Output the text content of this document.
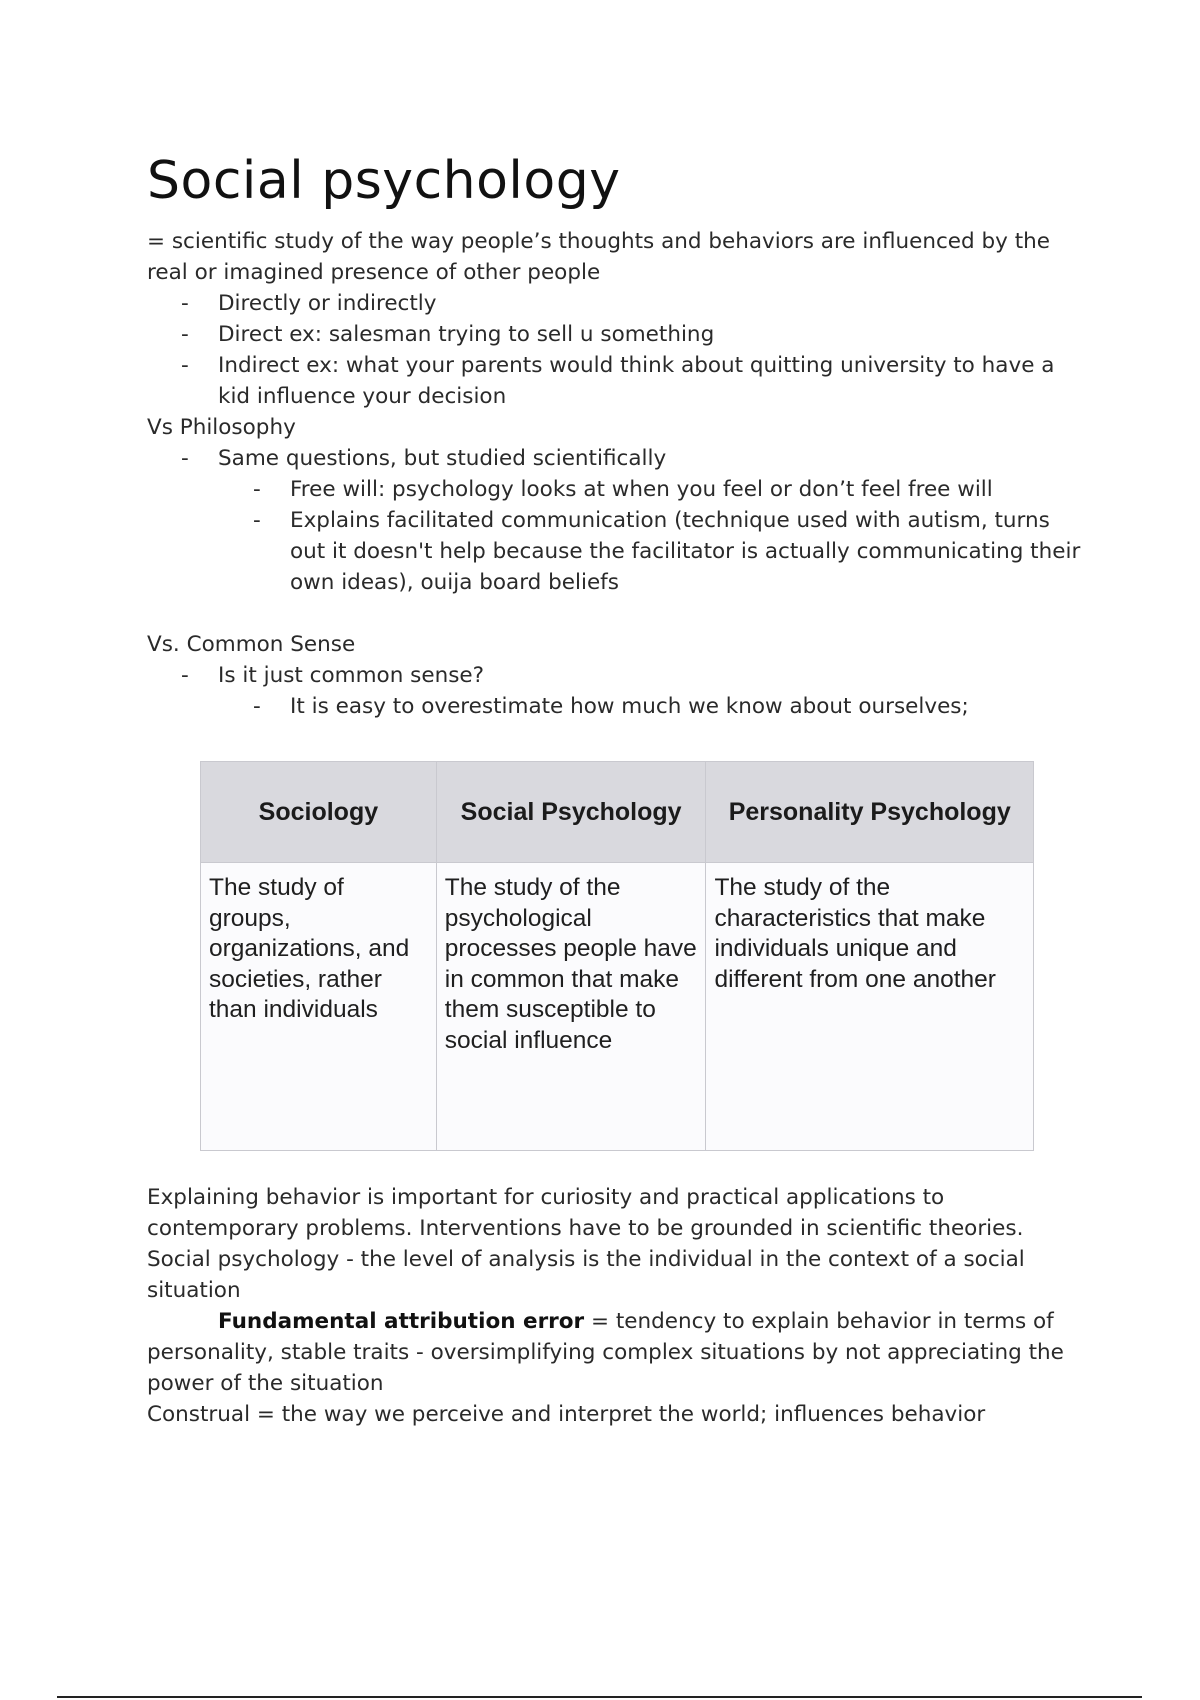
Social psychology

= scientific study of the way people’s thoughts and behaviors are influenced by the real or imagined presence of other people

- Directly or indirectly

- Direct ex: salesman trying to sell u something

- Indirect ex: what your parents would think about quitting university to have a kid influence your decision

Vs Philosophy

- Same questions, but studied scientifically

- Free will: psychology looks at when you feel or don’t feel free will

- Explains facilitated communication (technique used with autism, turns out it doesn't help because the facilitator is actually communicating their own ideas), ouija board beliefs

Vs. Common Sense

- Is it just common sense?

- It is easy to overestimate how much we know about ourselves;

Sociology	Social Psychology	Personality Psychology
The study of groups, organizations, and societies, rather than individuals	The study of the psychological processes people have in common that make them susceptible to social influence	The study of the characteristics that make individuals unique and different from one another

Explaining behavior is important for curiosity and practical applications to contemporary problems. Interventions have to be grounded in scientific theories. Social psychology - the level of analysis is the individual in the context of a social situation

Fundamental attribution error = tendency to explain behavior in terms of personality, stable traits - oversimplifying complex situations by not appreciating the power of the situation

Construal = the way we perceive and interpret the world; influences behavior
